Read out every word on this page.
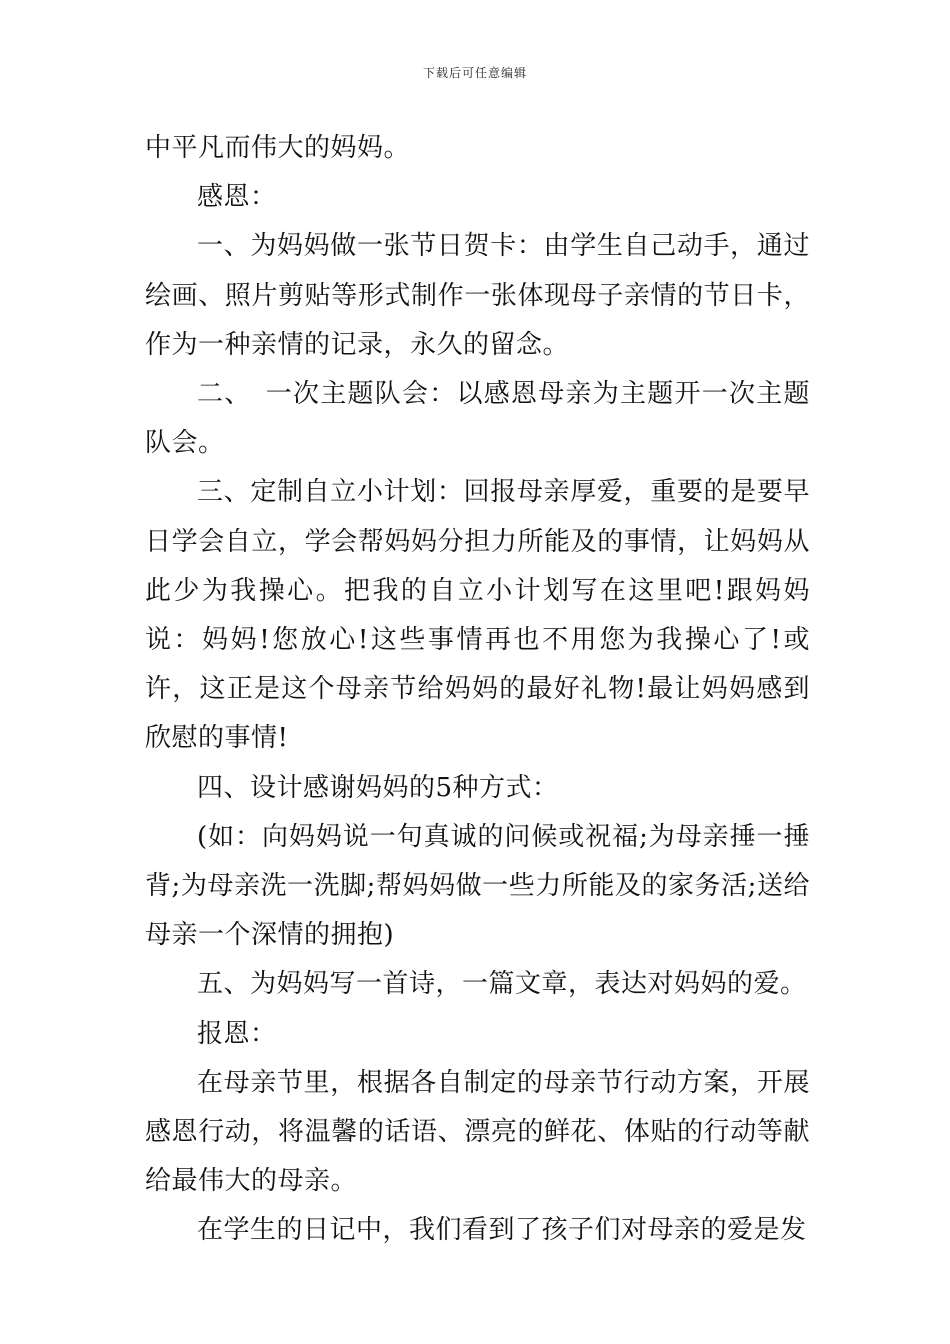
下载后可任意编辑

中平凡而伟大的妈妈。

感恩：

一、为妈妈做一张节日贺卡：由学生自己动手，通过绘画、照片剪贴等形式制作一张体现母子亲情的节日卡，作为一种亲情的记录，永久的留念。

二、　一次主题队会：以感恩母亲为主题开一次主题队会。

三、定制自立小计划：回报母亲厚爱，重要的是要早日学会自立，学会帮妈妈分担力所能及的事情，让妈妈从此少为我操心。把我的自立小计划写在这里吧!跟妈妈说：妈妈!您放心!这些事情再也不用您为我操心了!或许，这正是这个母亲节给妈妈的最好礼物!最让妈妈感到欣慰的事情!

四、设计感谢妈妈的5种方式：

(如：向妈妈说一句真诚的问候或祝福;为母亲捶一捶背;为母亲洗一洗脚;帮妈妈做一些力所能及的家务活;送给母亲一个深情的拥抱)

五、为妈妈写一首诗，一篇文章，表达对妈妈的爱。

报恩：

在母亲节里，根据各自制定的母亲节行动方案，开展感恩行动，将温馨的话语、漂亮的鲜花、体贴的行动等献给最伟大的母亲。

在学生的日记中，我们看到了孩子们对母亲的爱是发
